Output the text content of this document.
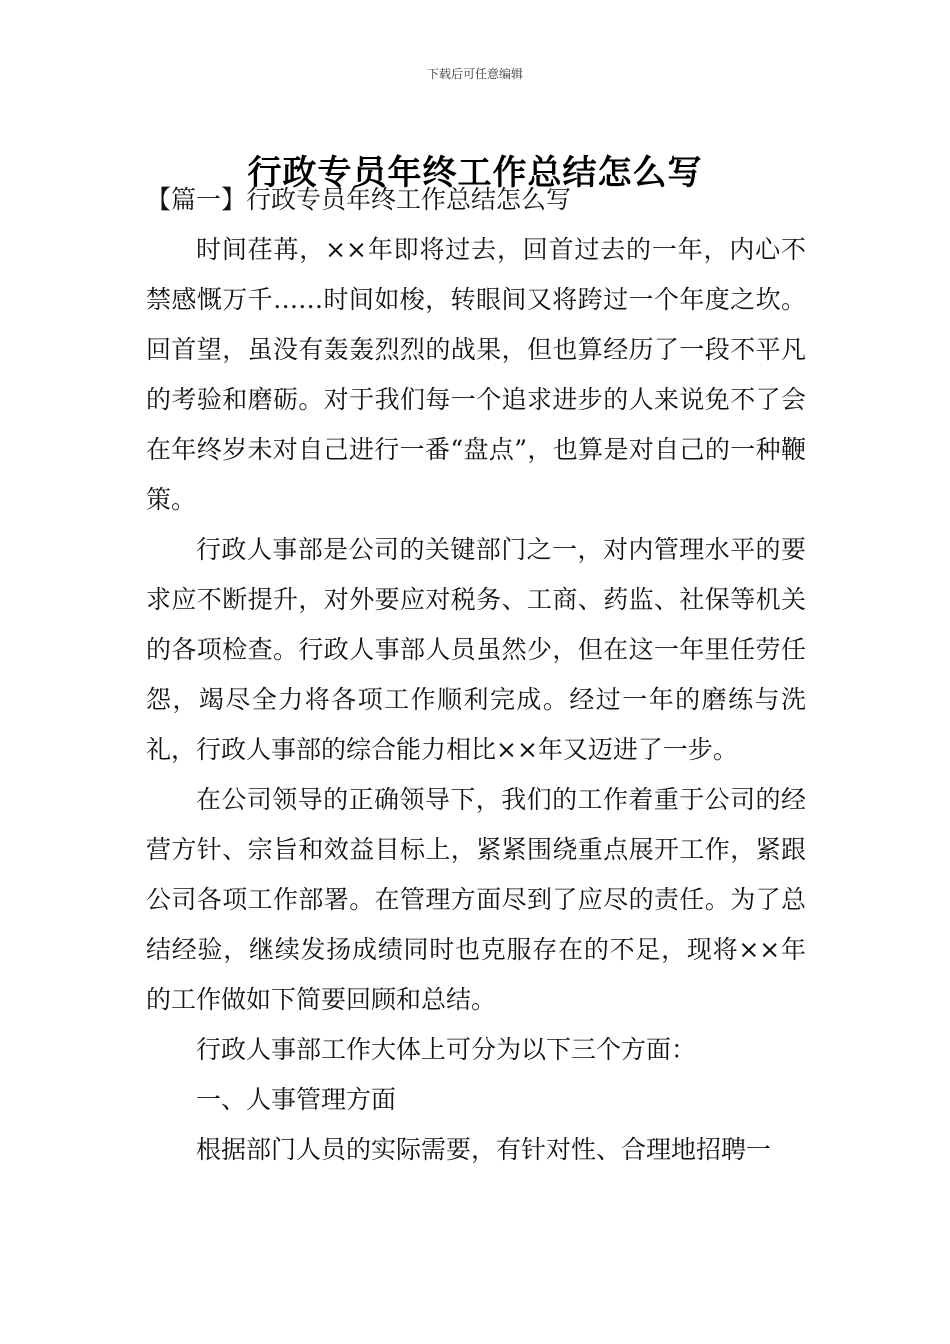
下载后可任意编辑
行政专员年终工作总结怎么写

【篇一】行政专员年终工作总结怎么写

时间荏苒，××年即将过去，回首过去的一年，内心不禁感慨万千……时间如梭，转眼间又将跨过一个年度之坎。回首望，虽没有轰轰烈烈的战果，但也算经历了一段不平凡的考验和磨砺。对于我们每一个追求进步的人来说免不了会在年终岁未对自己进行一番“盘点”，也算是对自己的一种鞭策。

行政人事部是公司的关键部门之一，对内管理水平的要求应不断提升，对外要应对税务、工商、药监、社保等机关的各项检查。行政人事部人员虽然少，但在这一年里任劳任怨，竭尽全力将各项工作顺利完成。经过一年的磨练与洗礼，行政人事部的综合能力相比××年又迈进了一步。

在公司领导的正确领导下，我们的工作着重于公司的经营方针、宗旨和效益目标上，紧紧围绕重点展开工作，紧跟公司各项工作部署。在管理方面尽到了应尽的责任。为了总结经验，继续发扬成绩同时也克服存在的不足，现将××年的工作做如下简要回顾和总结。

行政人事部工作大体上可分为以下三个方面：

一、人事管理方面

根据部门人员的实际需要，有针对性、合理地招聘一
